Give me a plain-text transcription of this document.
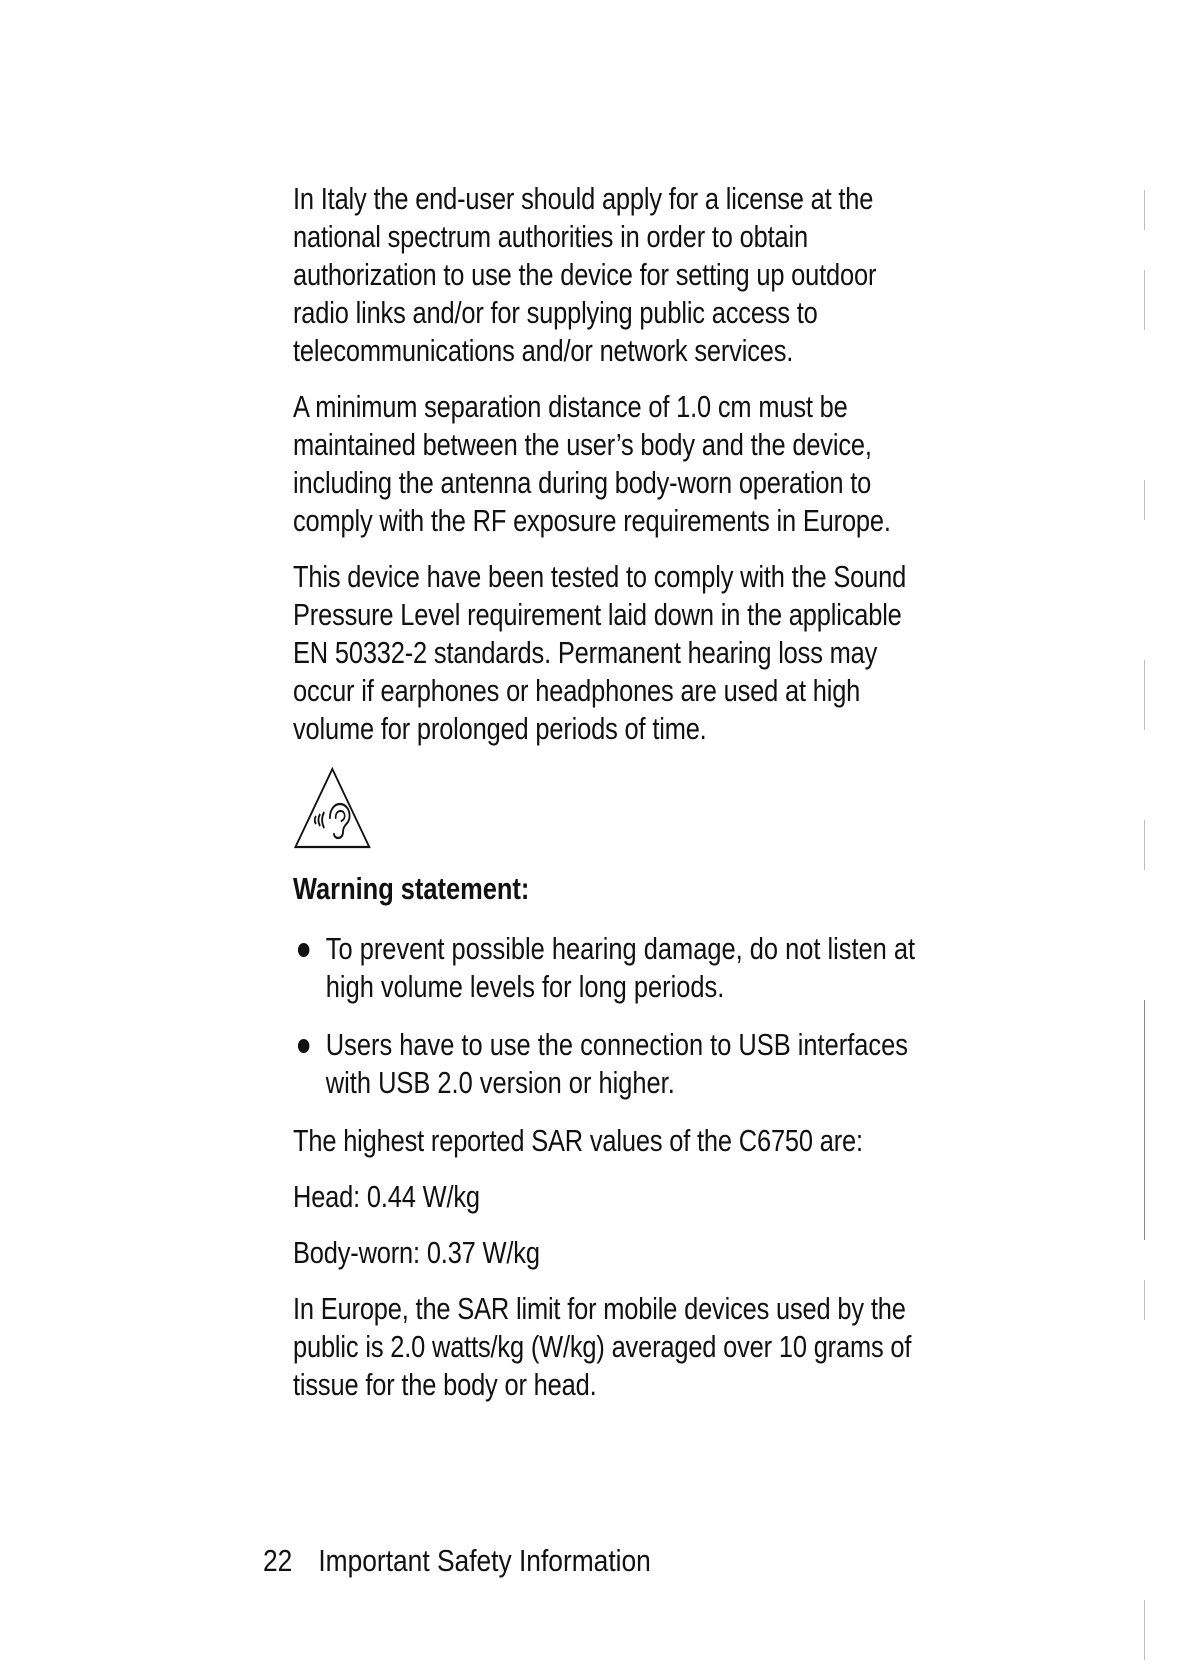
In Italy the end-user should apply for a license at the national spectrum authorities in order to obtain authorization to use the device for setting up outdoor radio links and/or for supplying public access to telecommunications and/or network services.

A minimum separation distance of 1.0 cm must be maintained between the user’s body and the device, including the antenna during body-worn operation to comply with the RF exposure requirements in Europe.

This device have been tested to comply with the Sound Pressure Level requirement laid down in the applicable EN 50332-2 standards. Permanent hearing loss may occur if earphones or headphones are used at high volume for prolonged periods of time.

Warning statement:
To prevent possible hearing damage, do not listen at high volume levels for long periods.
Users have to use the connection to USB interfaces with USB 2.0 version or higher.

The highest reported SAR values of the C6750 are:

Head: 0.44 W/kg

Body-worn: 0.37 W/kg

In Europe, the SAR limit for mobile devices used by the public is 2.0 watts/kg (W/kg) averaged over 10 grams of tissue for the body or head.

22 Important Safety Information
